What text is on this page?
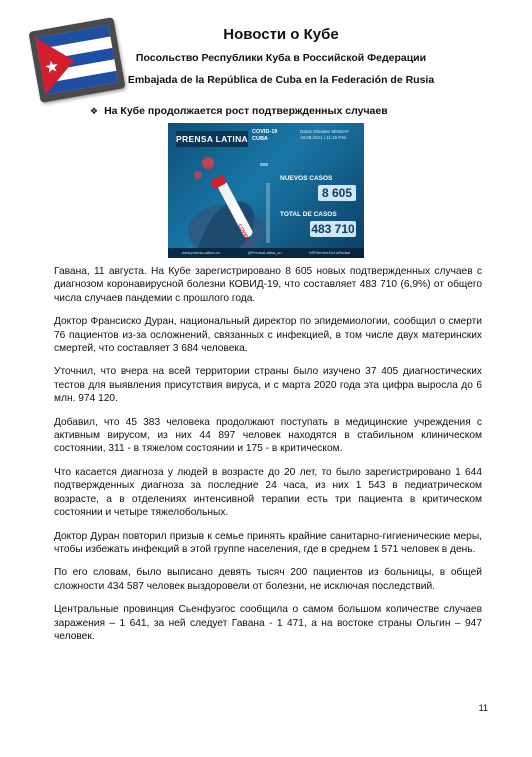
Новости о Кубе
Посольство Республики Куба в Российской Федерации
Embajada de la República de Cuba en la Federación de Rusia
❖ На Кубе продолжается рост подтвержденных случаев
COVID-19
PRENSA LATINA
COVID-19
CUBA
Datos Oficiales MINSAP
18.08.2021 | 11:15 P.M.
NUEVOS CASOS
8 605
TOTAL DE CASOS
483 710
www.prensa-latina.cu	@PrensaLatina_cu	MRServiceDeLaRedad

Гавана, 11 августа. На Кубе зарегистрировано 8 605 новых подтвержденных случаев с диагнозом коронавирусной болезни КОВИД-19, что составляет 483 710 (6,9%) от общего числа случаев пандемии с прошлого года.

Доктор Франсиско Дуран, национальный директор по эпидемиологии, сообщил о смерти 76 пациентов из-за осложнений, связанных с инфекцией, в том числе двух материнских смертей, что составляет 3 684 человека.

Уточнил, что вчера на всей территории страны было изучено 37 405 диагностических тестов для выявления присутствия вируса, и с марта 2020 года эта цифра выросла до 6 млн. 974 120.

Добавил, что 45 383 человека продолжают поступать в медицинские учреждения с активным вирусом, из них 44 897 человек находятся в стабильном клиническом состоянии, 311 - в тяжелом состоянии и 175 - в критическом.

Что касается диагноза у людей в возрасте до 20 лет, то было зарегистрировано 1 644 подтвержденных диагноза за последние 24 часа, из них 1 543 в педиатрическом возрасте, а в отделениях интенсивной терапии есть три пациента в критическом состоянии и четыре тяжелобольных.

Доктор Дуран повторил призыв к семье принять крайние санитарно-гигиенические меры, чтобы избежать инфекций в этой группе населения, где в среднем 1 571 человек в день.

По его словам, было выписано девять тысяч 200 пациентов из больницы, в общей сложности 434 587 человек выздоровели от болезни, не исключая последствий.

Центральные провинция Сьенфуэгос сообщила о самом большом количестве случаев заражения – 1 641, за ней следует Гавана - 1 471, а на востоке страны Ольгин – 947 человек.

11
